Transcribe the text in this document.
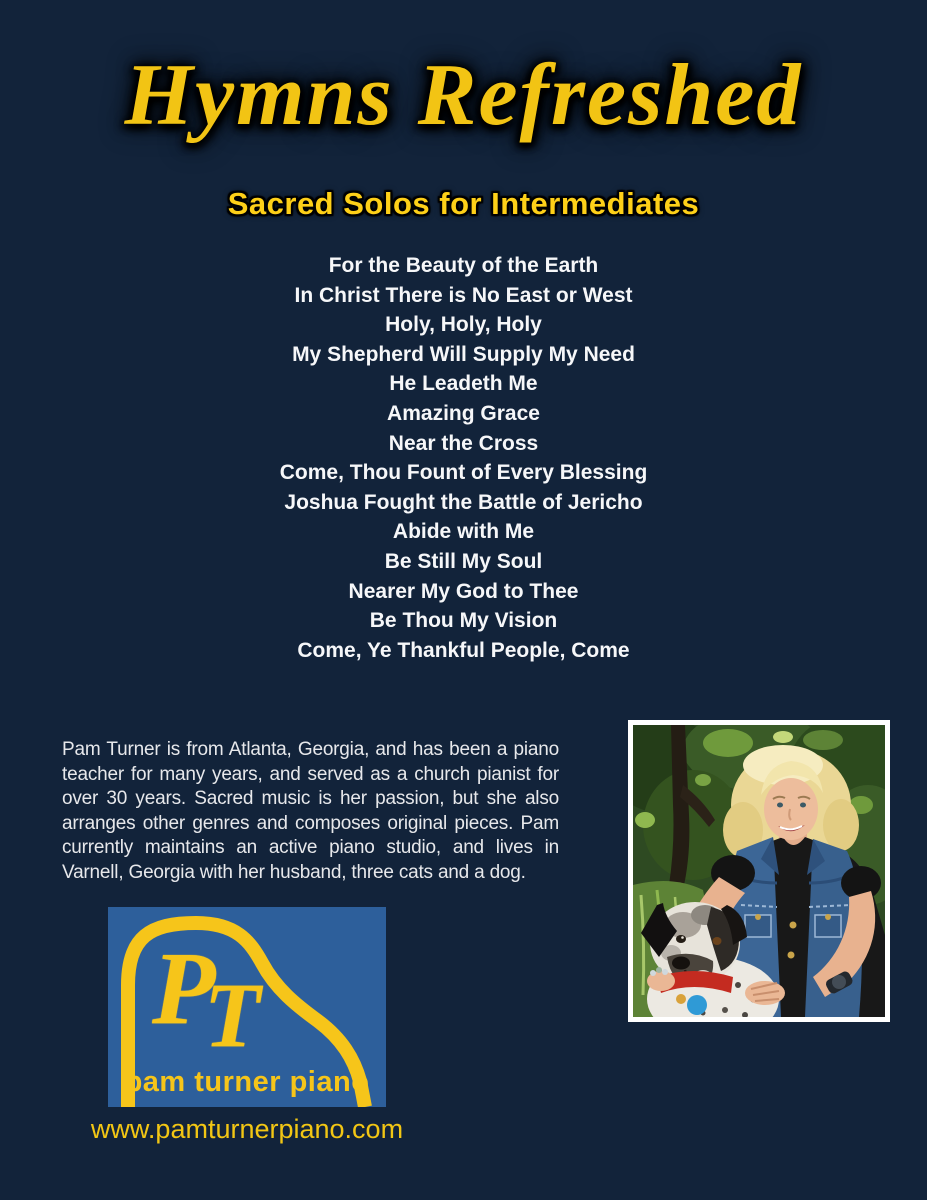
Hymns Refreshed
Sacred Solos for Intermediates
For the Beauty of the Earth
In Christ There is No East or West
Holy, Holy, Holy
My Shepherd Will Supply My Need
He Leadeth Me
Amazing Grace
Near the Cross
Come, Thou Fount of Every Blessing
Joshua Fought the Battle of Jericho
Abide with Me
Be Still My Soul
Nearer My God to Thee
Be Thou My Vision
Come, Ye Thankful People, Come

Pam Turner is from Atlanta, Georgia, and has been a piano teacher for many years, and served as a church pianist for over 30 years. Sacred music is her passion, but she also arranges other genres and composes original pieces. Pam currently maintains an active piano studio, and lives in Varnell, Georgia with her husband, three cats and a dog.

P
T
pam turner piano
www.pamturnerpiano.com
